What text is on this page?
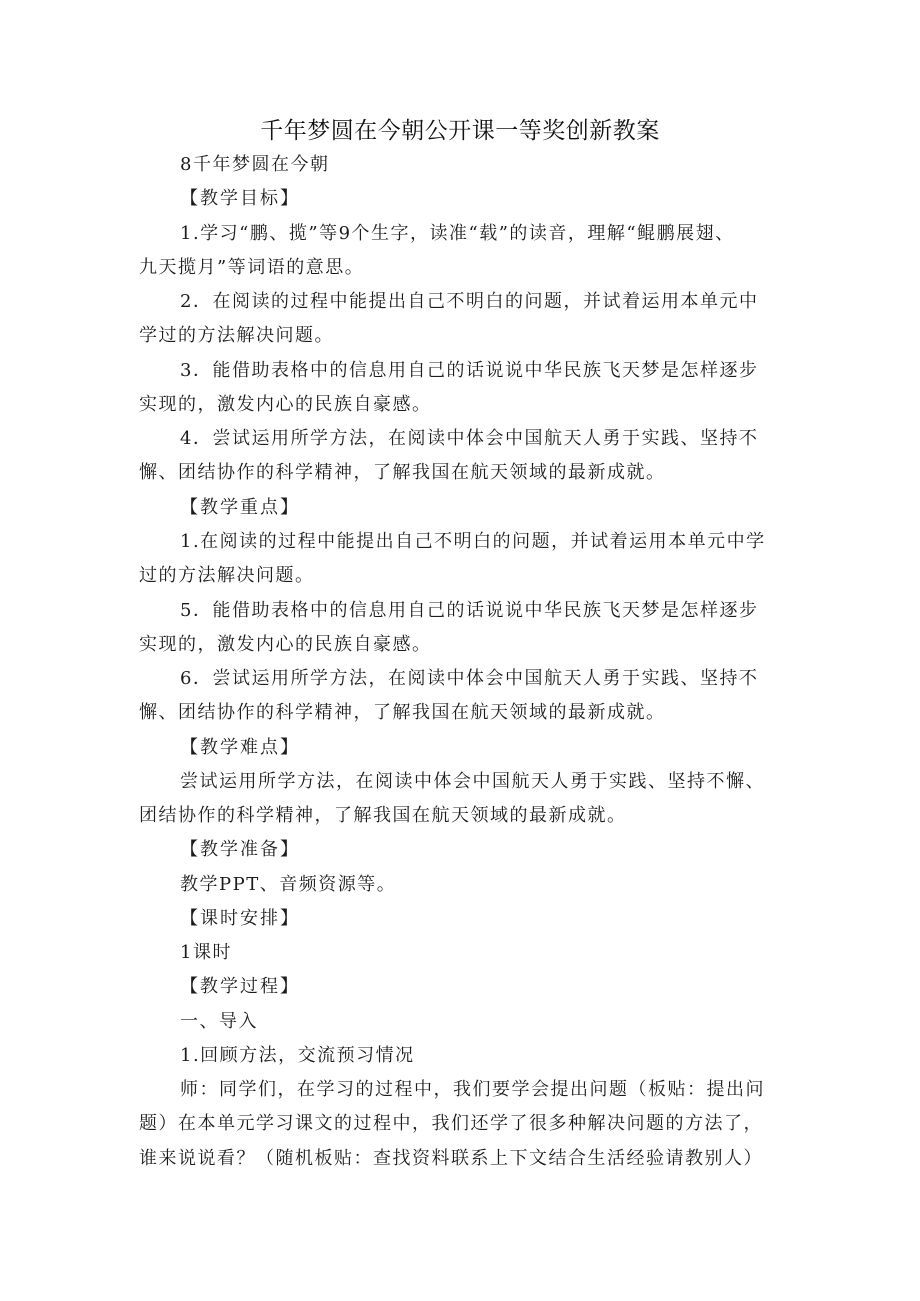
千年梦圆在今朝公开课一等奖创新教案
8千年梦圆在今朝
【教学目标】
1.学习“鹏、揽”等9个生字，读准“载”的读音，理解“鲲鹏展翅、
九天揽月”等词语的意思。
2．在阅读的过程中能提出自己不明白的问题，并试着运用本单元中
学过的方法解决问题。
3．能借助表格中的信息用自己的话说说中华民族飞天梦是怎样逐步
实现的，激发内心的民族自豪感。
4．尝试运用所学方法，在阅读中体会中国航天人勇于实践、坚持不
懈、团结协作的科学精神，了解我国在航天领域的最新成就。
【教学重点】
1.在阅读的过程中能提出自己不明白的问题，并试着运用本单元中学
过的方法解决问题。
5．能借助表格中的信息用自己的话说说中华民族飞天梦是怎样逐步
实现的，激发内心的民族自豪感。
6．尝试运用所学方法，在阅读中体会中国航天人勇于实践、坚持不
懈、团结协作的科学精神，了解我国在航天领域的最新成就。
【教学难点】
尝试运用所学方法，在阅读中体会中国航天人勇于实践、坚持不懈、
团结协作的科学精神，了解我国在航天领域的最新成就。
【教学准备】
教学PPT、音频资源等。
【课时安排】
1课时
【教学过程】
一、导入
1.回顾方法，交流预习情况
师：同学们，在学习的过程中，我们要学会提出问题（板贴：提出问
题）在本单元学习课文的过程中，我们还学了很多种解决问题的方法了，
谁来说说看？（随机板贴：查找资料联系上下文结合生活经验请教别人）
